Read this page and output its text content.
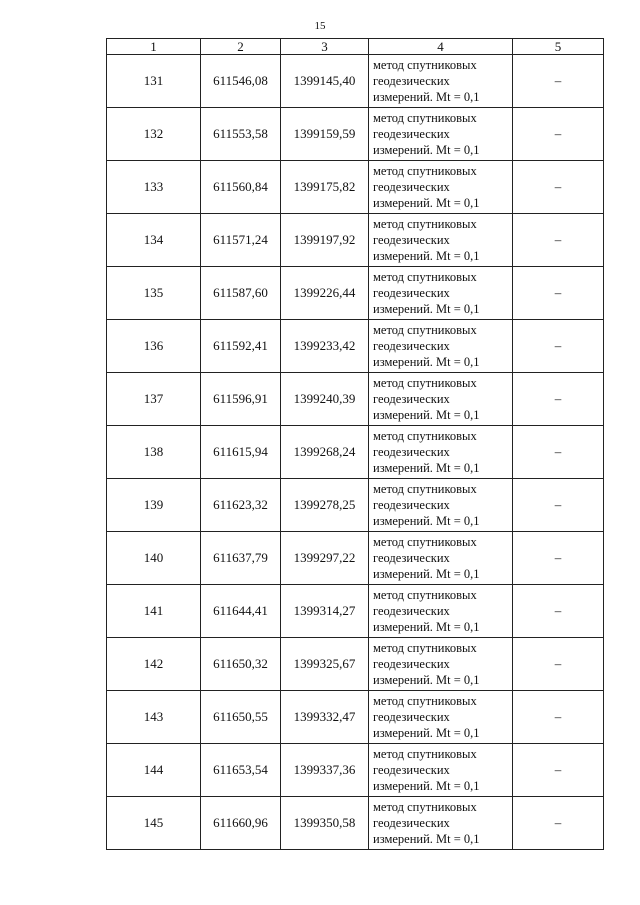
15
1	2	3	4	5
131	611546,08	1399145,40	метод спутниковых
геодезических
измерений. Mt = 0,1	–
132	611553,58	1399159,59	метод спутниковых
геодезических
измерений. Mt = 0,1	–
133	611560,84	1399175,82	метод спутниковых
геодезических
измерений. Mt = 0,1	–
134	611571,24	1399197,92	метод спутниковых
геодезических
измерений. Mt = 0,1	–
135	611587,60	1399226,44	метод спутниковых
геодезических
измерений. Mt = 0,1	–
136	611592,41	1399233,42	метод спутниковых
геодезических
измерений. Mt = 0,1	–
137	611596,91	1399240,39	метод спутниковых
геодезических
измерений. Mt = 0,1	–
138	611615,94	1399268,24	метод спутниковых
геодезических
измерений. Mt = 0,1	–
139	611623,32	1399278,25	метод спутниковых
геодезических
измерений. Mt = 0,1	–
140	611637,79	1399297,22	метод спутниковых
геодезических
измерений. Mt = 0,1	–
141	611644,41	1399314,27	метод спутниковых
геодезических
измерений. Mt = 0,1	–
142	611650,32	1399325,67	метод спутниковых
геодезических
измерений. Mt = 0,1	–
143	611650,55	1399332,47	метод спутниковых
геодезических
измерений. Mt = 0,1	–
144	611653,54	1399337,36	метод спутниковых
геодезических
измерений. Mt = 0,1	–
145	611660,96	1399350,58	метод спутниковых
геодезических
измерений. Mt = 0,1	–
